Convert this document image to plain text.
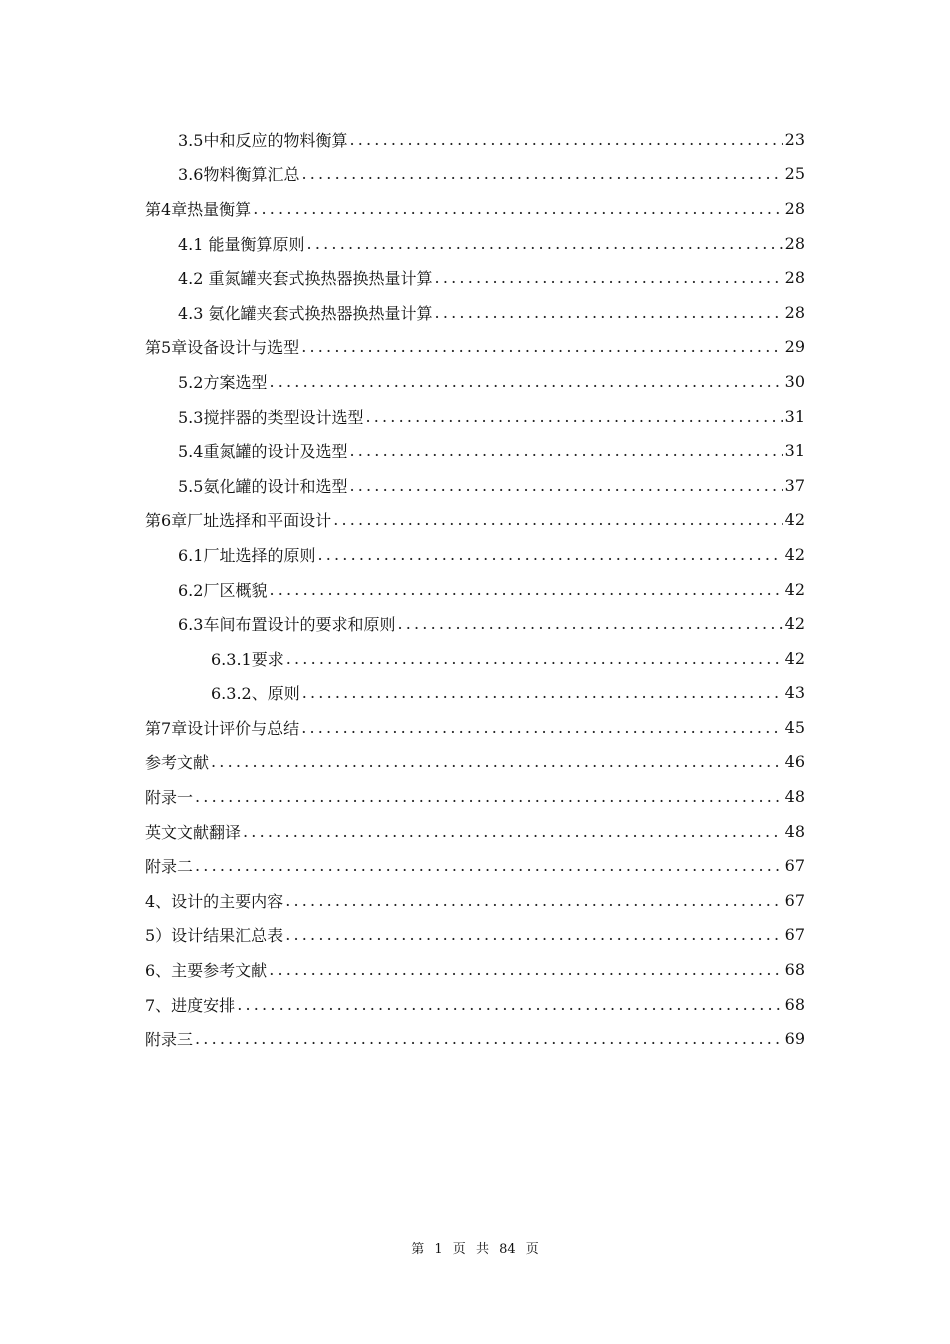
3.5中和反应的物料衡算 .....	23
3.6物料衡算汇总 .....	25
第4章热量衡算 .....	28
4.1 能量衡算原则 .....	28
4.2 重氮罐夹套式换热器换热量计算 .....	28
4.3 氨化罐夹套式换热器换热量计算 .....	28
第5章设备设计与选型 .....	29
5.2方案选型 .....	30
5.3搅拌器的类型设计选型 .....	31
5.4重氮罐的设计及选型 .....	31
5.5氨化罐的设计和选型 .....	37
第6章厂址选择和平面设计 .....	42
6.1厂址选择的原则 .....	42
6.2厂区概貌 .....	42
6.3车间布置设计的要求和原则 .....	42
6.3.1要求 .....	42
6.3.2、原则 .....	43
第7章设计评价与总结 .....	45
参考文献 .....	46
附录一 .....	48
英文文献翻译 .....	48
附录二 .....	67
4、设计的主要内容 .....	67
5）设计结果汇总表 .....	67
6、主要参考文献 .....	68
7、进度安排 .....	68
附录三 .....	69
第 1 页 共 84 页
